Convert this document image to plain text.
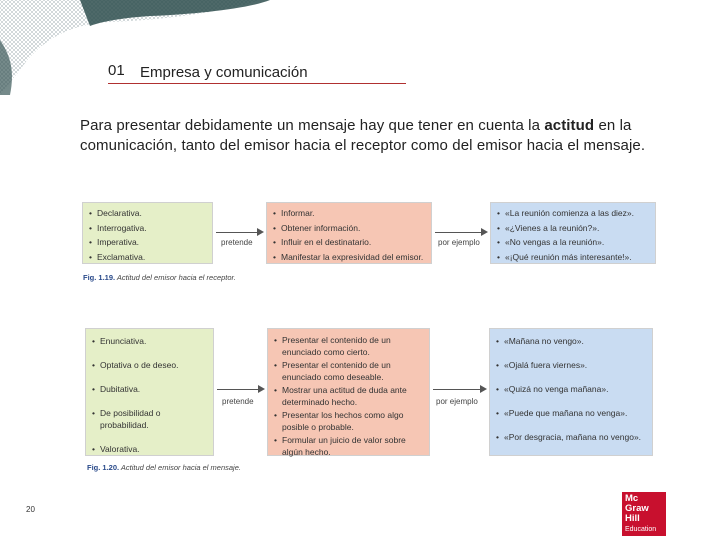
01 Empresa y comunicación

Para presentar debidamente un mensaje hay que tener en cuenta la actitud en la comunicación, tanto del emisor hacia el receptor como del emisor hacia el mensaje.

• Declarativa.
• Interrogativa.
• Imperativa.
• Exclamativa.
pretende
• Informar.
• Obtener información.
• Influir en el destinatario.
• Manifestar la expresividad del emisor.
por ejemplo
• «La reunión comienza a las diez».
• «¿Vienes a la reunión?».
• «No vengas a la reunión».
• «¡Qué reunión más interesante!».
Fig. 1.19. Actitud del emisor hacia el receptor.
• Enunciativa.
• Optativa o de deseo.
• Dubitativa.
• De posibilidad o probabilidad.
• Valorativa.
pretende
• Presentar el contenido de un enunciado como cierto.
• Presentar el contenido de un enunciado como deseable.
• Mostrar una actitud de duda ante determinado hecho.
• Presentar los hechos como algo posible o probable.
• Formular un juicio de valor sobre algún hecho.
por ejemplo
• «Mañana no vengo».
• «Ojalá fuera viernes».
• «Quizá no venga mañana».
• «Puede que mañana no venga».
• «Por desgracia, mañana no vengo».
Fig. 1.20. Actitud del emisor hacia el mensaje.
20
Mc
Graw
Hill
Education
